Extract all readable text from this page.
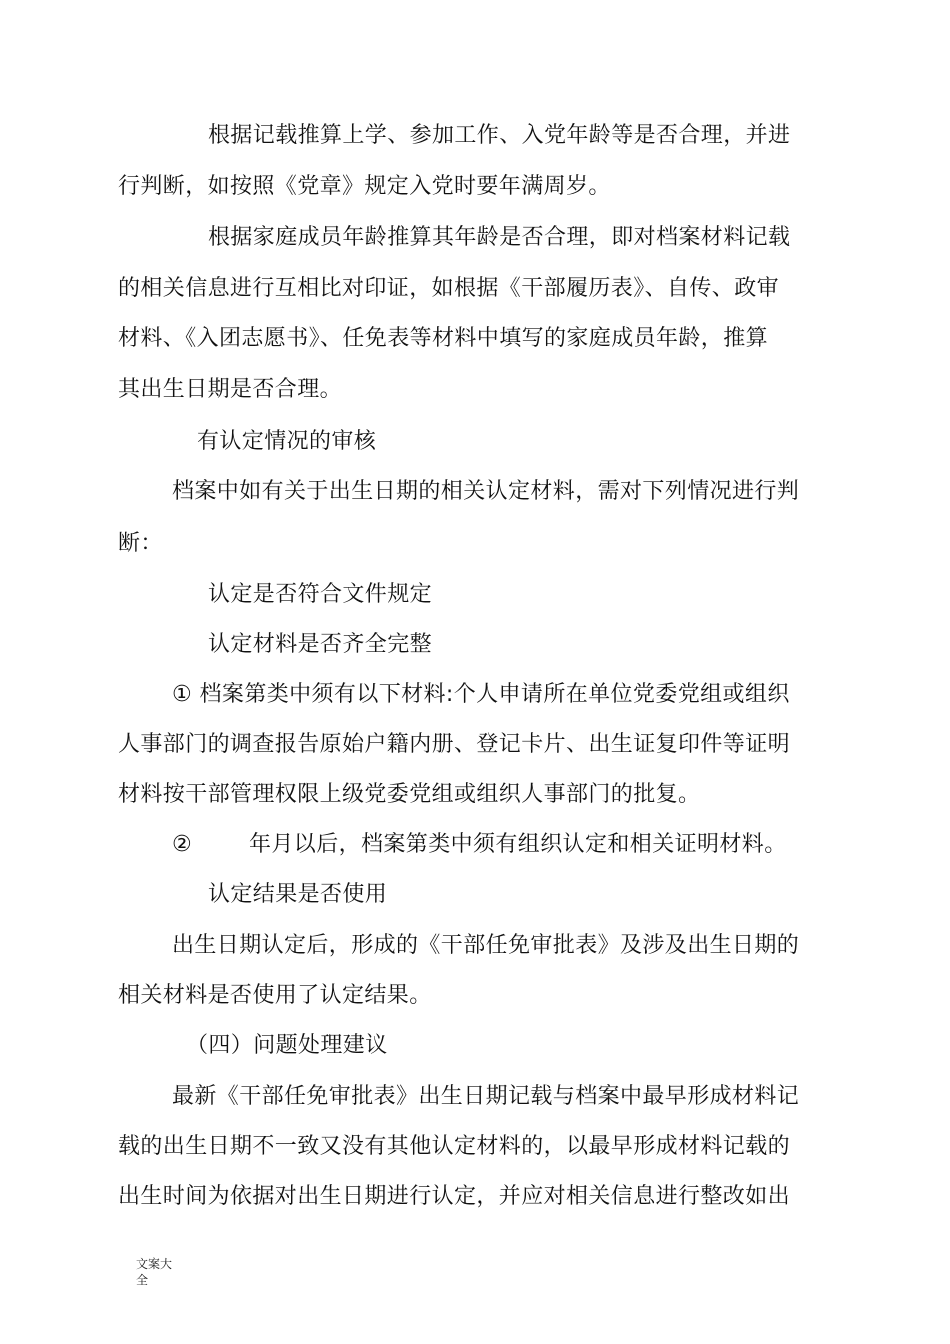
根据记载推算上学、参加工作、入党年龄等是否合理，并进
行判断，如按照《党章》规定入党时要年满周岁。
根据家庭成员年龄推算其年龄是否合理，即对档案材料记载
的相关信息进行互相比对印证，如根据《干部履历表》、自传、政审
材料、《入团志愿书》、任免表等材料中填写的家庭成员年龄，推算
其出生日期是否合理。
有认定情况的审核
档案中如有关于出生日期的相关认定材料，需对下列情况进行判
断：
认定是否符合文件规定
认定材料是否齐全完整
① 档案第类中须有以下材料:个人申请所在单位党委党组或组织
人事部门的调查报告原始户籍内册、登记卡片、出生证复印件等证明
材料按干部管理权限上级党委党组或组织人事部门的批复。
②	年月以后，档案第类中须有组织认定和相关证明材料。
认定结果是否使用
出生日期认定后，形成的《干部任免审批表》及涉及出生日期的
相关材料是否使用了认定结果。
（四）问题处理建议
最新《干部任免审批表》出生日期记载与档案中最早形成材料记
载的出生日期不一致又没有其他认定材料的，以最早形成材料记载的
出生时间为依据对出生日期进行认定，并应对相关信息进行整改如出
文案大
全
